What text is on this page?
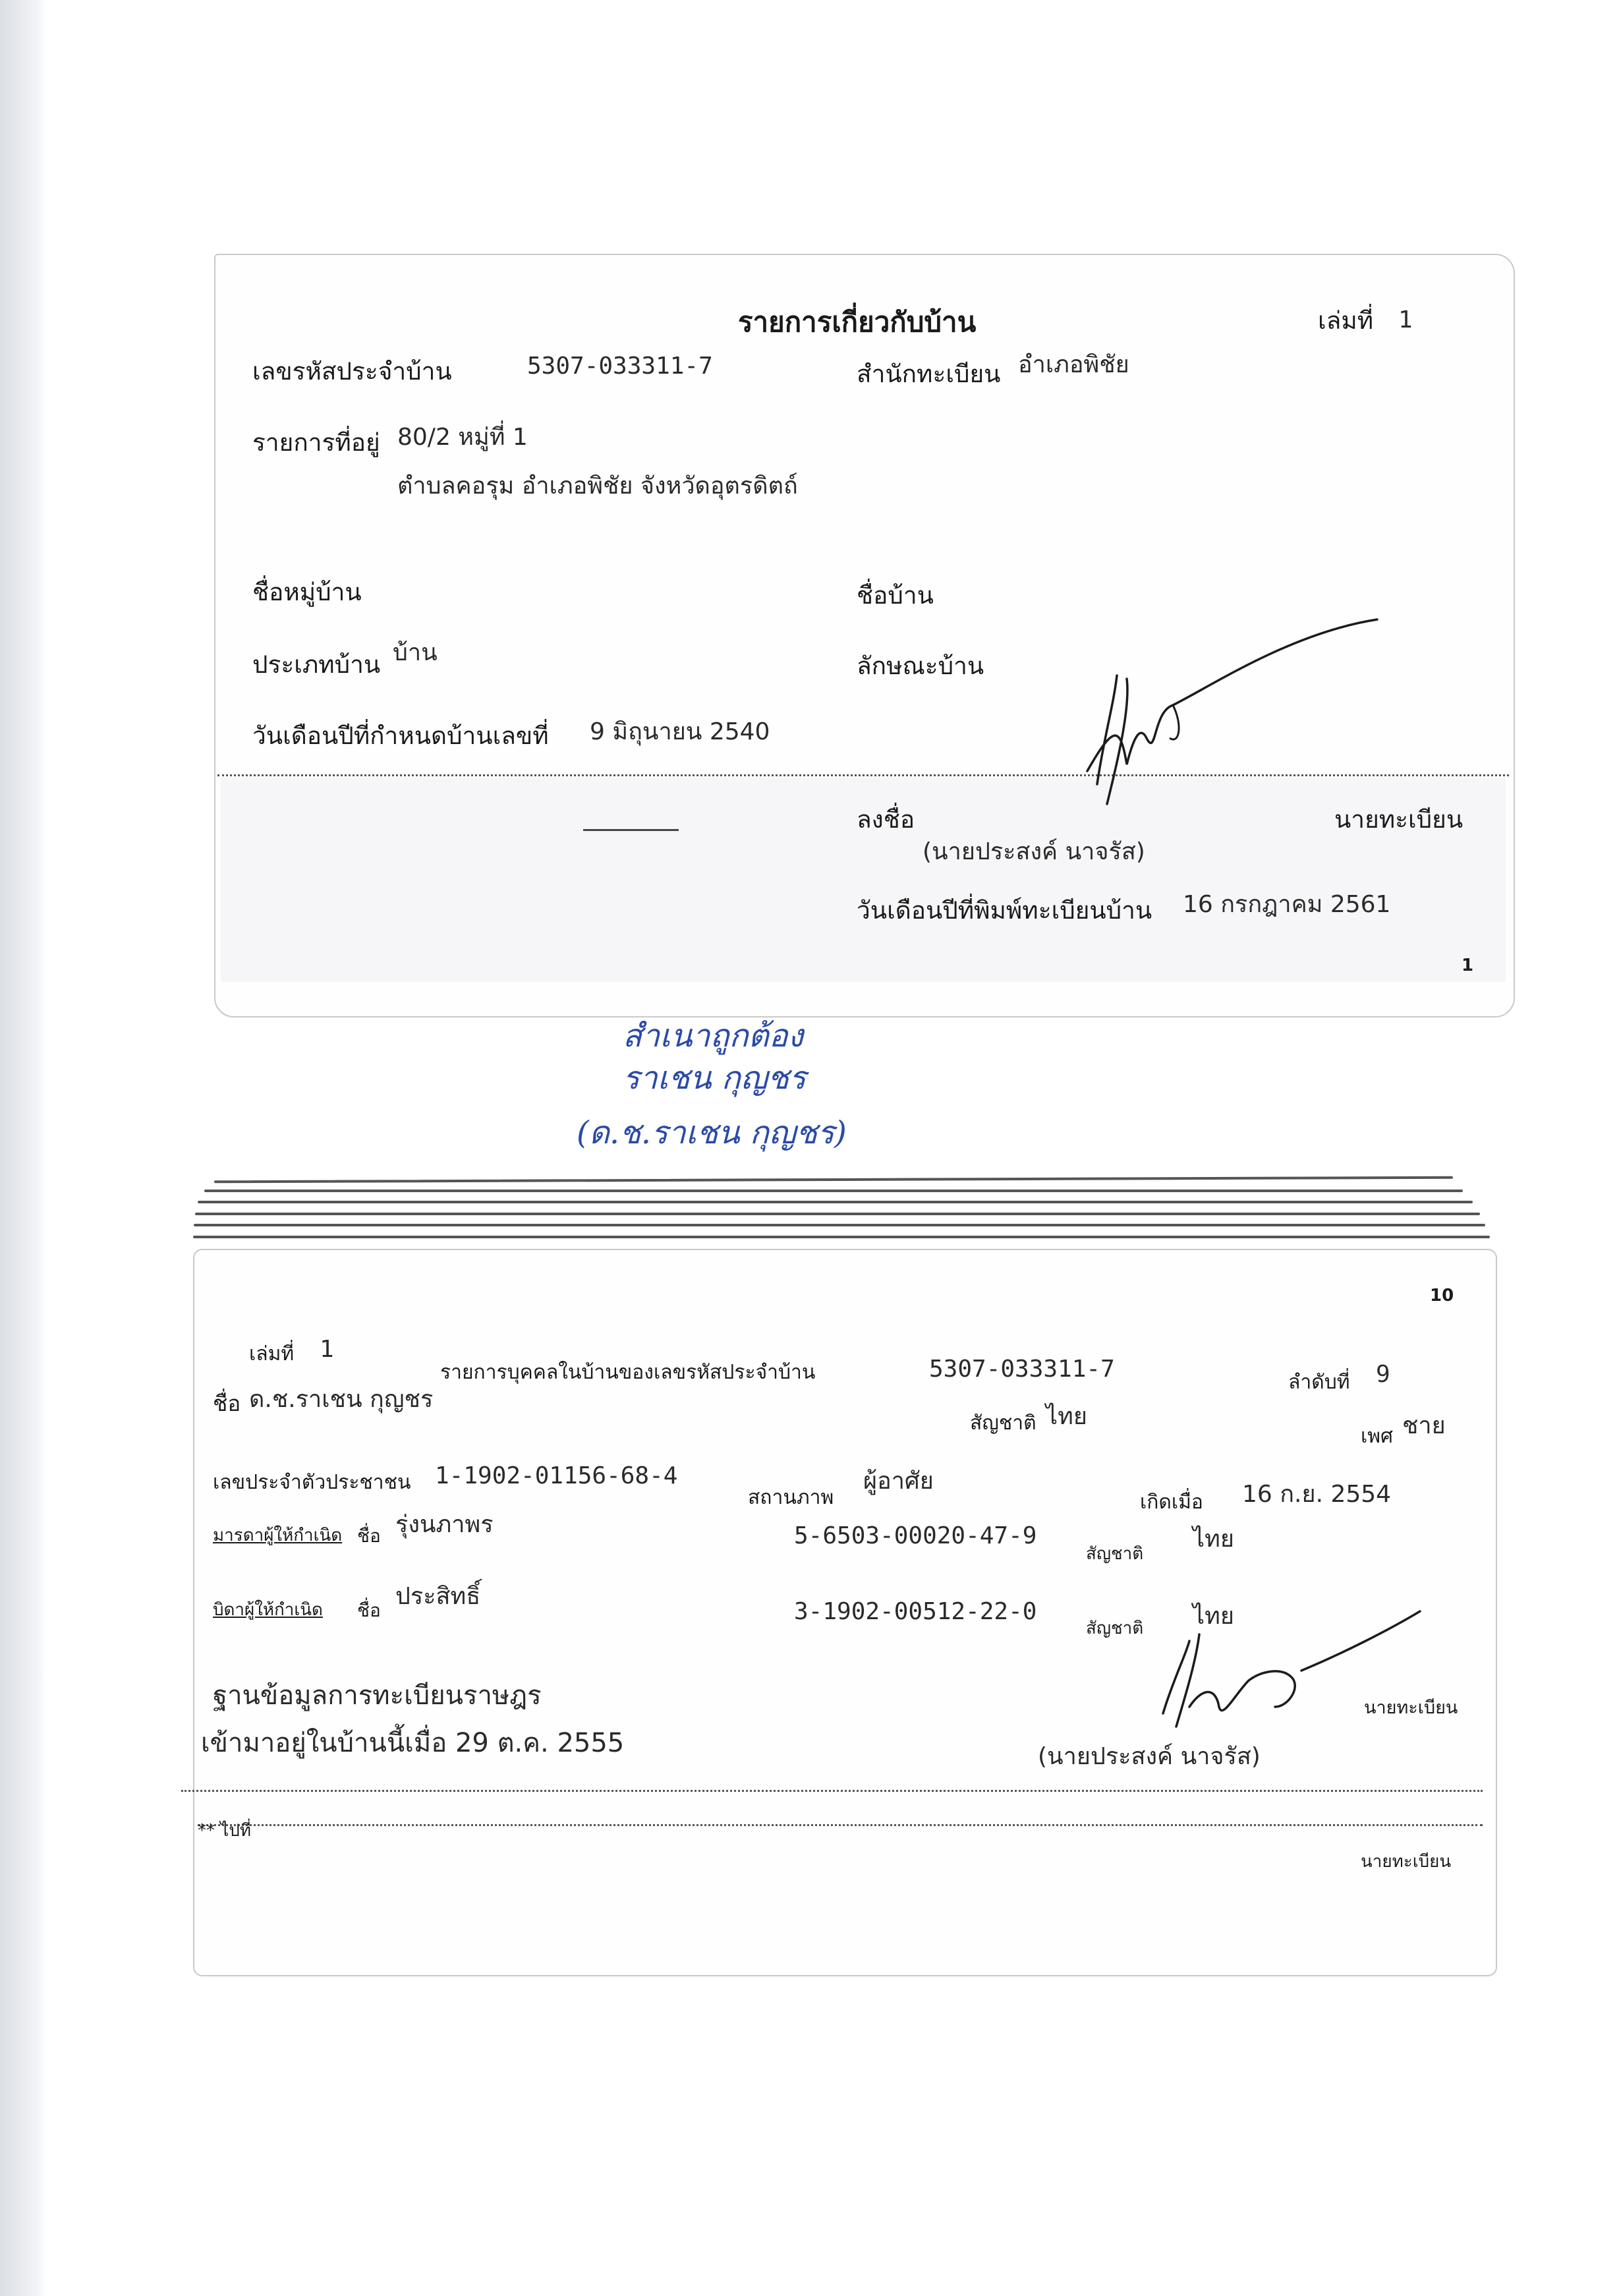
รายการเกี่ยวกับบ้าน	เล่มที่ 1
เลขรหัสประจำบ้าน	5307-033311-7	สำนักทะเบียน อำเภอพิชัย
รายการที่อยู่ 80/2 หมู่ที่ 1
ตำบลคอรุม อำเภอพิชัย จังหวัดอุตรดิตถ์
ชื่อหมู่บ้าน	ชื่อบ้าน
ประเภทบ้าน บ้าน	ลักษณะบ้าน
วันเดือนปีที่กำหนดบ้านเลขที่ 9 มิถุนายน 2540
ลงชื่อ	นายทะเบียน
(นายประสงค์ นาจรัส)
วันเดือนปีที่พิมพ์ทะเบียนบ้าน 16 กรกฎาคม 2561
1
สำเนาถูกต้อง
ราเชน กุญชร
(ด.ช.ราเชน กุญชร)
10
เล่มที่ 1
รายการบุคคลในบ้านของเลขรหัสประจำบ้าน	5307-033311-7	ลำดับที่ 9
ชื่อ ด.ช.ราเชน กุญชร
สัญชาติ ไทย
เพศ ชาย
เลขประจำตัวประชาชน 1-1902-01156-68-4
สถานภาพ
ผู้อาศัย
เกิดเมื่อ 16 ก.ย. 2554
มารดาผู้ให้กำเนิด ชื่อ รุ่งนภาพร	5-6503-00020-47-9
สัญชาติ
ไทย
บิดาผู้ให้กำเนิด ชื่อ
ประสิทธิ์
3-1902-00512-22-0
สัญชาติ ไทย
ฐานข้อมูลการทะเบียนราษฎร
เข้ามาอยู่ในบ้านนี้เมื่อ 29 ต.ค. 2555
นายทะเบียน
(นายประสงค์ นาจรัส)
** ไปที่
นายทะเบียน
